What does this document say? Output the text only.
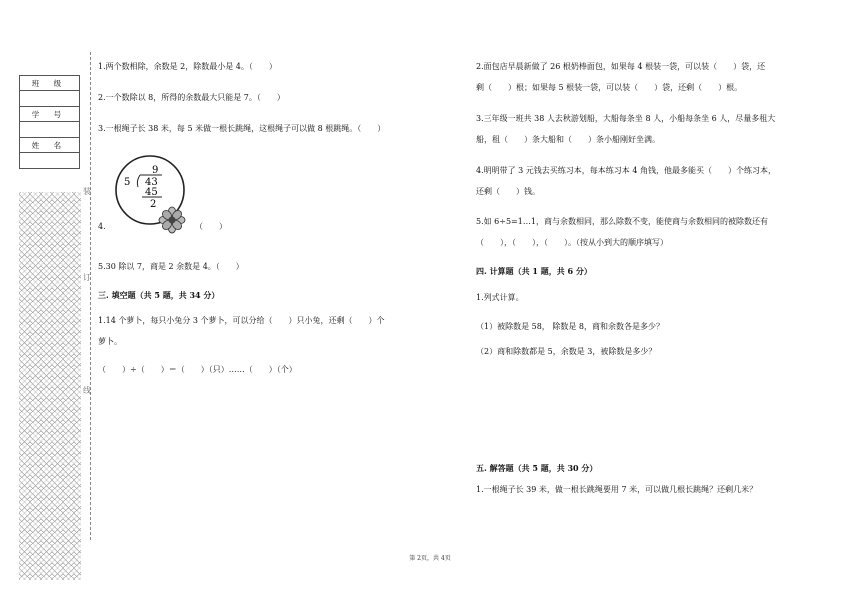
班 级

学 号

姓 名

装
订
线
1.两个数相除，余数是 2，除数最小是 4。（　　）
2.一个数除以 8，所得的余数最大只能是 7。（　　）
3.一根绳子长 38 米，每 5 米做一根长跳绳，这根绳子可以做 8 根跳绳。（　　）
9
5 43
45
2
4.	（　　）
5.30 除以 7，商是 2 余数是 4。（　　）
三. 填空题（共 5 题，共 34 分）
1.14 个萝卜，每只小兔分 3 个萝卜，可以分给（　　）只小兔，还剩（　　）个
萝卜。
（　　）÷（　　）＝（　　）（只）……（　　）（个）
2.面包店早晨新做了 26 根奶棒面包，如果每 4 根装一袋，可以装（　　）袋，还
剩（　　）根；如果每 5 根装一袋，可以装（　　）袋，还剩（　　）根。
3.三年级一班共 38 人去秋游划船，大船每条坐 8 人，小船每条坐 6 人，尽量多租大
船，租（　　）条大船和（　　）条小船刚好坐满。
4.明明带了 3 元钱去买练习本，每本练习本 4 角钱，他最多能买（　　）个练习本，
还剩（　　）钱。
5.如 6÷5=1…1，商与余数相同，那么除数不变，能使商与余数相同的被除数还有
（　　），（　　），（　　）。（按从小到大的顺序填写）
四. 计算题（共 1 题，共 6 分）
1.列式计算。
（1）被除数是 58， 除数是 8，商和余数各是多少？
（2）商和除数都是 5，余数是 3，被除数是多少？
五. 解答题（共 5 题，共 30 分）
1.一根绳子长 39 米，做一根长跳绳要用 7 米，可以做几根长跳绳？还剩几米？
第 2页，共 4页
